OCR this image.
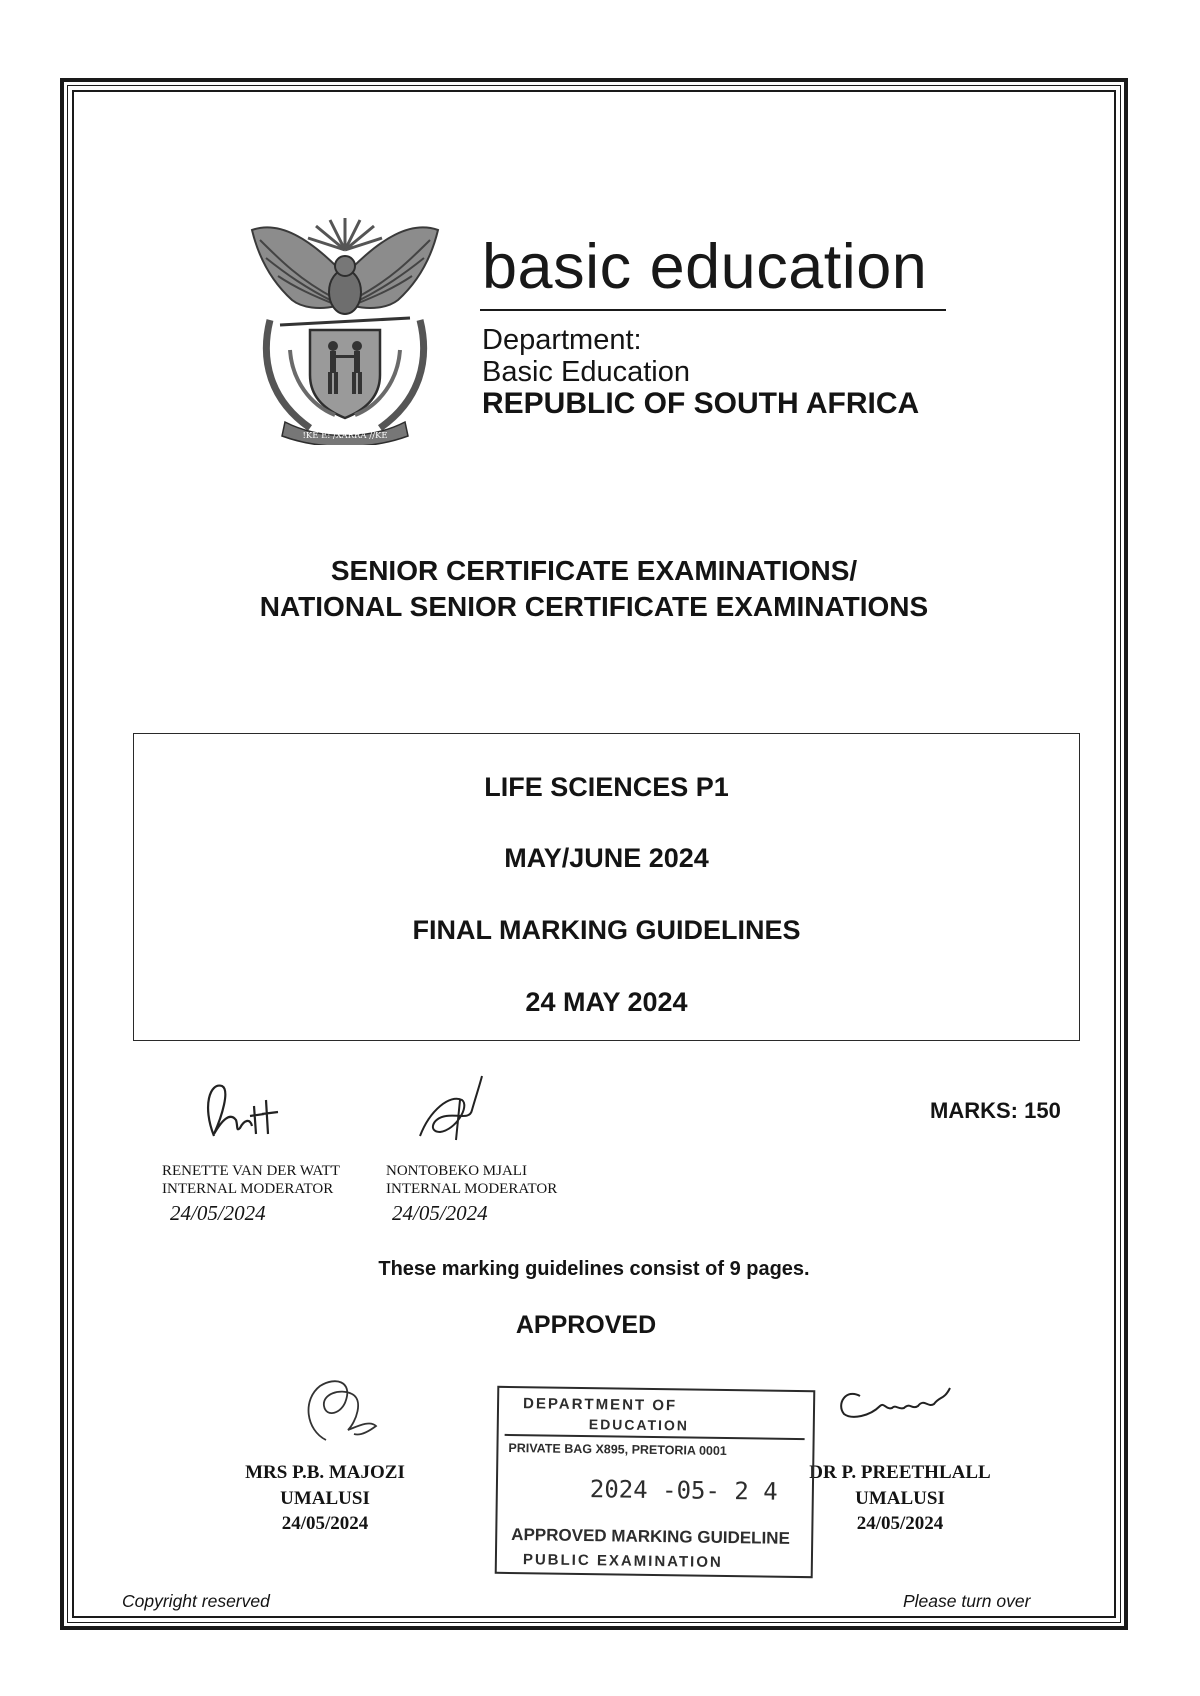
!KE E: /XARRA //KE
basic education
Department:
Basic Education
REPUBLIC OF SOUTH AFRICA
SENIOR CERTIFICATE EXAMINATIONS/
NATIONAL SENIOR CERTIFICATE EXAMINATIONS
LIFE SCIENCES P1
MAY/JUNE 2024
FINAL MARKING GUIDELINES
24 MAY 2024
MARKS: 150
RENETTE VAN DER WATT
INTERNAL MODERATOR
24/05/2024
NONTOBEKO MJALI
INTERNAL MODERATOR
24/05/2024
These marking guidelines consist of 9 pages.
APPROVED
MRS P.B. MAJOZI
UMALUSI
24/05/2024
DR P. PREETHLALL
UMALUSI
24/05/2024
DEPARTMENT OF
EDUCATION
PRIVATE BAG X895, PRETORIA 0001
2024 -05- 2 4
APPROVED MARKING GUIDELINE
PUBLIC EXAMINATION
Copyright reserved	Please turn over
